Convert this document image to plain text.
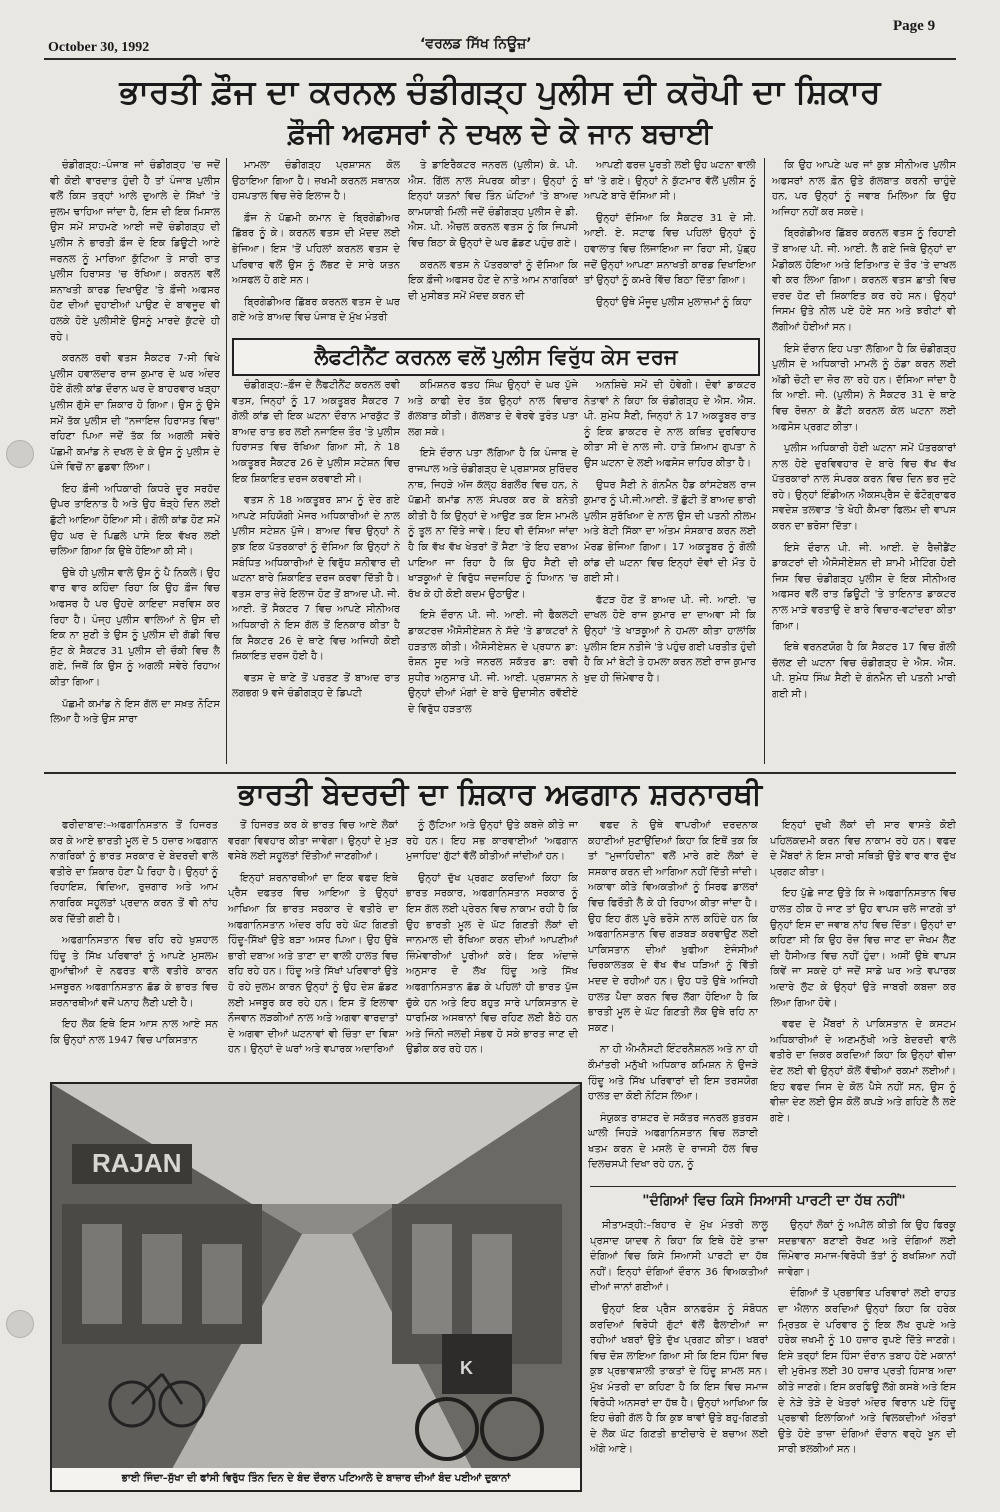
October 30, 1992	‘ਵਰਲਡ ਸਿੱਖ ਨਿਊਜ਼’
Page 9
ਭਾਰਤੀ ਫ਼ੌਜ ਦਾ ਕਰਨਲ ਚੰਡੀਗੜ੍ਹ ਪੁਲੀਸ ਦੀ ਕਰੋਪੀ ਦਾ ਸ਼ਿਕਾਰ
ਫ਼ੌਜੀ ਅਫਸਰਾਂ ਨੇ ਦਖਲ ਦੇ ਕੇ ਜਾਨ ਬਚਾਈ

ਚੰਡੀਗੜ੍ਹ:–ਪੰਜਾਬ ਜਾਂ ਚੰਡੀਗੜ੍ਹ 'ਚ ਜਦੋਂ ਵੀ ਕੋਈ ਵਾਰਦਾਤ ਹੁੰਦੀ ਹੈ ਤਾਂ ਪੰਜਾਬ ਪੁਲੀਸ ਵਲੋਂ ਕਿਸ ਤਰ੍ਹਾਂ ਆਲੇ ਦੁਆਲੇ ਦੇ ਸਿੱਖਾਂ 'ਤੇ ਜ਼ੁਲਮ ਢਾਹਿਆ ਜਾਂਦਾ ਹੈ, ਇਸ ਦੀ ਇਕ ਮਿਸਾਲ ਉਸ ਸਮੇਂ ਸਾਹਮਣੇ ਆਈ ਜਦੋਂ ਚੰਡੀਗੜ੍ਹ ਦੀ ਪੁਲੀਸ ਨੇ ਭਾਰਤੀ ਫ਼ੌਜ ਦੇ ਇਕ ਡਿਊਟੀ ਆਏ ਜਰਨਲ ਨੂੰ ਮਾਰਿਆ ਕੁੱਟਿਆ ਤੇ ਸਾਰੀ ਰਾਤ ਪੁਲੀਸ ਹਿਰਾਸਤ 'ਚ ਰੱਖਿਆ। ਕਰਨਲ ਵਲੋਂ ਸ਼ਨਾਖਤੀ ਕਾਰਡ ਦਿਖਾਉਣ 'ਤੇ ਫ਼ੌਜੀ ਅਫਸਰ ਹੋਣ ਦੀਆਂ ਦੁਹਾਈਆਂ ਪਾਉਣ ਦੇ ਬਾਵਜੂਦ ਵੀ ਹਲਕੇ ਹੋਏ ਪੁਲੀਸੀਏ ਉਸਨੂੰ ਮਾਰਦੇ ਕੁੱਟਦੇ ਹੀ ਰਹੇ।

ਕਰਨਲ ਰਵੀ ਵਤਸ ਸੈਕਟਰ 7-ਸੀ ਵਿਖੇ ਪੁਲੀਸ ਹਵਾਲਦਾਰ ਰਾਜ ਕੁਮਾਰ ਦੇ ਘਰ ਅੰਦਰ ਹੋਏ ਗੋਲੀ ਕਾਂਡ ਦੌਰਾਨ ਘਰ ਦੇ ਬਾਹਰਵਾਰ ਖੜ੍ਹਾ ਪੁਲੀਸ ਗੁੱਸੇ ਦਾ ਸ਼ਿਕਾਰ ਹੋ ਗਿਆ। ਉਸ ਨੂੰ ਉਸੇ ਸਮੇਂ ਤੱਕ ਪੁਲੀਸ ਦੀ "ਨਜਾਇਜ਼ ਹਿਰਾਸਤ ਵਿਚ" ਰਹਿਣਾ ਪਿਆ ਜਦੋਂ ਤੱਕ ਕਿ ਅਗਲੀ ਸਵੇਰੇ ਪੱਛਮੀ ਕਮਾਂਡ ਨੇ ਦਖਲ ਦੇ ਕੇ ਉਸ ਨੂੰ ਪੁਲੀਸ ਦੇ ਪੰਜੇ ਵਿਚੋਂ ਨਾ ਛੁਡਵਾ ਲਿਆ।

ਇਹ ਫ਼ੌਜੀ ਅਧਿਕਾਰੀ ਕਿਧਰੇ ਦੂਰ ਸਰਹੱਦ ਉਪਰ ਤਾਇਨਾਤ ਹੈ ਅਤੇ ਉਹ ਥੋੜ੍ਹੇ ਦਿਨ ਲਈ ਛੁੱਟੀ ਆਇਆ ਹੋਇਆ ਸੀ। ਗੋਲੀ ਕਾਂਡ ਹੋਣ ਸਮੇਂ ਉਹ ਘਰ ਦੇ ਪਿਛਲੇ ਪਾਸੇ ਇਕ ਵੱਖਰ ਲਈ ਚਲਿਆ ਗਿਆ ਕਿ ਉਥੇ ਹੋਇਆ ਕੀ ਸੀ।

ਉਥੇ ਹੀ ਪੁਲੀਸ ਵਾਲੇ ਉਸ ਨੂੰ ਪੈ ਨਿਕਲੇ। ਉਹ ਵਾਰ ਵਾਰ ਕਹਿੰਦਾ ਰਿਹਾ ਕਿ ਉਹ ਫ਼ੌਜ ਵਿਚ ਅਫਸਰ ਹੈ ਪਰ ਉਹਦੇ ਕਾਇਦਾ ਸਰਵਿਸ ਕਰ ਰਿਹਾ ਹੈ। ਪੰਜ੍ਹ ਪੁਲੀਸ ਵਾਲਿਆਂ ਨੇ ਉਸ ਦੀ ਇਕ ਨਾ ਸੁਣੀ ਤੇ ਉਸ ਨੂੰ ਪੁਲੀਸ ਦੀ ਗੱਡੀ ਵਿਚ ਸੁੱਟ ਕੇ ਸੈਕਟਰ 31 ਪੁਲੀਸ ਦੀ ਚੌਕੀ ਵਿਚ ਲੈ ਗਏ, ਜਿਥੋਂ ਕਿ ਉਸ ਨੂੰ ਅਗਲੀ ਸਵੇਰੇ ਰਿਹਾਅ ਕੀਤਾ ਗਿਆ।

ਪੱਛਮੀ ਕਮਾਂਡ ਨੇ ਇਸ ਗੱਲ ਦਾ ਸਖ਼ਤ ਨੋਟਿਸ ਲਿਆ ਹੈ ਅਤੇ ਉਸ ਸਾਰਾ

ਮਾਮਲਾ ਚੰਡੀਗੜ੍ਹ ਪ੍ਰਸ਼ਾਸਨ ਕੋਲ ਉਠਾਇਆ ਗਿਆ ਹੈ। ਜ਼ਖਮੀ ਕਰਨਲ ਸਥਾਨਕ ਹਸਪਤਾਲ ਵਿਚ ਜ਼ੇਰੇ ਇਲਾਜ ਹੈ।

ਫ਼ੌਜ ਨੇ ਪੱਛਮੀ ਕਮਾਨ ਦੇ ਬ੍ਰਿਗੇਡੀਅਰ ਛਿੱਬਰ ਨੂੰ ਕੇ। ਕਰਨਲ ਵਤਸ ਦੀ ਮੱਦਦ ਲਈ ਭੇਜਿਆ। ਇਸ 'ਤੋਂ ਪਹਿਲਾਂ ਕਰਨਲ ਵਤਸ ਦੇ ਪਰਿਵਾਰ ਵਲੋਂ ਉਸ ਨੂੰ ਲੱਭਣ ਦੇ ਸਾਰੇ ਯਤਨ ਅਸਫਲ ਹੋ ਗਏ ਸਨ।

ਬ੍ਰਿਗੇਡੀਅਰ ਛਿੱਬਰ ਕਰਨਲ ਵਤਸ ਦੇ ਘਰ ਗਏ ਅਤੇ ਬਾਅਦ ਵਿਚ ਪੰਜਾਬ ਦੇ ਮੁੱਖ ਮੰਤਰੀ

ਤੇ ਡਾਇਰੈਕਟਰ ਜਨਰਲ (ਪੁਲੀਸ) ਕੇ. ਪੀ. ਐਸ. ਗਿੱਲ ਨਾਲ ਸੰਪਰਕ ਕੀਤਾ। ਉਨ੍ਹਾਂ ਨੂੰ ਇਨ੍ਹਾਂ ਯਤਨਾਂ ਵਿਚ ਤਿੰਨ ਘੰਟਿਆਂ 'ਤੇ ਬਾਅਦ ਕਾਮਯਾਬੀ ਮਿਲੀ ਜਦੋਂ ਚੰਡੀਗੜ੍ਹ ਪੁਲੀਸ ਦੇ ਡੀ. ਐਸ. ਪੀ. ਐਚਲ ਕਰਨਲ ਵਤਸ ਨੂੰ ਕਿ ਜਿਪਸੀ ਵਿਚ ਬਿਠਾ ਕੇ ਉਨ੍ਹਾਂ ਦੇ ਘਰ ਛੱਡਣ ਪਹੁੰਚ ਗਏ।

ਕਰਨਲ ਵਤਸ ਨੇ ਪੱਤਰਕਾਰਾਂ ਨੂੰ ਦੱਸਿਆ ਕਿ ਇਕ ਫ਼ੌਜੀ ਅਫਸਰ ਹੋਣ ਦੇ ਨਾਤੇ ਆਮ ਨਾਗਰਿਕਾਂ ਦੀ ਮੁਸੀਬਤ ਸਮੇਂ ਮੱਦਦ ਕਰਨ ਦੀ

ਆਪਣੀ ਫਰਜ਼ ਪੂਰਤੀ ਲਈ ਉਹ ਘਟਨਾ ਵਾਲੀ ਥਾਂ 'ਤੇ ਗਏ। ਉਨ੍ਹਾਂ ਨੇ ਕੁੱਟਮਾਰ ਵੱਲੋਂ ਪੁਲੀਸ ਨੂੰ ਆਪਣੇ ਬਾਰੇ ਦੱਸਿਆ ਸੀ।

ਉਨ੍ਹਾਂ ਦੱਸਿਆ ਕਿ ਸੈਕਟਰ 31 ਦੇ ਸੀ. ਆਈ. ਏ. ਸਟਾਫ ਵਿਚ ਪਹਿਲਾਂ ਉਨ੍ਹਾਂ ਨੂੰ ਹਵਾਲਾਤ ਵਿਚ ਲਿਜਾਇਆ ਜਾ ਰਿਹਾ ਸੀ, ਪੁੱਛ੍ਹ ਜਦੋਂ ਉਨ੍ਹਾਂ ਆਪਣਾ ਸ਼ਨਾਖਤੀ ਕਾਰਡ ਦਿਖਾਇਆ ਤਾਂ ਉਨ੍ਹਾਂ ਨੂੰ ਕਮਰੇ ਵਿੱਚ ਬਿਠਾ ਦਿੱਤਾ ਗਿਆ।

ਉਨ੍ਹਾਂ ਉਥੇ ਮੌਜੂਦ ਪੁਲੀਸ ਮੁਲਾਜ਼ਮਾਂ ਨੂੰ ਕਿਹਾ

ਕਿ ਉਹ ਆਪਣੇ ਘਰ ਜਾਂ ਕੁਝ ਸੀਨੀਅਰ ਪੁਲੀਸ ਅਫਸਰਾਂ ਨਾਲ ਫ਼ੋਨ ਉਤੇ ਗੱਲਬਾਤ ਕਰਨੀ ਚਾਹੁੰਦੇ ਹਨ, ਪਰ ਉਨ੍ਹਾਂ ਨੂੰ ਜਵਾਬ ਮਿਲਿਆ ਕਿ ਉਹ ਅਜਿਹਾ ਨਹੀਂ ਕਰ ਸਕਦੇ।

ਬ੍ਰਿਗੇਡੀਅਰ ਛਿੱਬਰ ਕਰਨਲ ਵਤਸ ਨੂੰ ਰਿਹਾਈ ਤੋਂ ਬਾਅਦ ਪੀ. ਜੀ. ਆਈ. ਲੈ ਗਏ ਜਿਥੇ ਉਨ੍ਹਾਂ ਦਾ ਮੈਡੀਕਲ ਹੋਇਆ ਅਤੇ ਇਤਿਆਤ ਦੇ ਤੌਰ 'ਤੇ ਦਾਖਲ ਵੀ ਕਰ ਲਿਆ ਗਿਆ। ਕਰਨਲ ਵਤਸ ਛਾਤੀ ਵਿਚ ਦਰਦ ਹੋਣ ਦੀ ਸ਼ਿਕਾਇਤ ਕਰ ਰਹੇ ਸਨ। ਉਨ੍ਹਾਂ ਜਿਸਮ ਉਤੇ ਨੀਲ ਪਏ ਹੋਏ ਸਨ ਅਤੇ ਝਰੀਟਾਂ ਵੀ ਲੱਗੀਆਂ ਹੋਈਆਂ ਸਨ।

ਇਸੇ ਦੌਰਾਨ ਇਹ ਪਤਾ ਲੱਗਿਆ ਹੈ ਕਿ ਚੰਡੀਗੜ੍ਹ ਪੁਲੀਸ ਦੇ ਅਧਿਕਾਰੀ ਮਾਮਲੇ ਨੂੰ ਠੰਡਾ ਕਰਨ ਲਈ ਅੱਡੀ ਚੋਟੀ ਦਾ ਜ਼ੋਰ ਲਾ ਰਹੇ ਹਨ। ਦੱਸਿਆ ਜਾਂਦਾ ਹੈ ਕਿ ਆਈ. ਜੀ. (ਪੁਲੀਸ) ਨੇ ਸੈਕਟਰ 31 ਦੇ ਥਾਣੇ ਵਿਚ ਰੋਜ਼ਨਾ ਕੇ ਡੈਂਟੀ ਕਰਨਲ ਕੋਲ ਘਟਨਾ ਲਈ ਅਫਸੋਸ ਪ੍ਰਗਟ ਕੀਤਾ।

ਪੁਲੀਸ ਅਧਿਕਾਰੀ ਹੋਈ ਘਟਨਾ ਸਮੇਂ ਪੱਤਰਕਾਰਾਂ ਨਾਲ ਹੋਏ ਦੁਰਵਿਵਹਾਰ ਦੇ ਬਾਰੇ ਵਿਚ ਵੱਖ ਵੱਖ ਪੱਤਰਕਾਰਾਂ ਨਾਲ ਸੰਪਰਕ ਕਰਨ ਵਿਚ ਦਿਨ ਭਰ ਜੁਟੇ ਰਹੇ। ਉਨ੍ਹਾਂ ਇੰਡੀਅਨ ਐਕਸਪ੍ਰੈਸ ਦੇ ਫੋਟੋਗ੍ਰਾਫਰ ਸਵਦੇਸ਼ ਤਲਵਾੜ 'ਤੇ ਖੋਹੀ ਕੈਮਰਾ ਫਿਲਮ ਦੀ ਵਾਪਸ ਕਰਨ ਦਾ ਭਰੋਸਾ ਦਿੱਤਾ।

ਇਸੇ ਦੌਰਾਨ ਪੀ. ਜੀ. ਆਈ. ਦੇ ਰੈਜ਼ੀਡੈਂਟ ਡਾਕਟਰਾਂ ਦੀ ਐਸੋਸੀਏਸ਼ਨ ਦੀ ਸ਼ਾਮੀ ਮੀਟਿੰਗ ਹੋਈ ਜਿਸ ਵਿਚ ਚੰਡੀਗੜ੍ਹ ਪੁਲੀਸ ਦੇ ਇਕ ਸੀਨੀਅਰ ਅਫਸਰ ਵਲੋਂ ਰਾਤ ਡਿਊਟੀ 'ਤੇ ਤਾਇਨਾਤ ਡਾਕਟਰ ਨਾਲ ਮਾੜੇ ਵਰਤਾਉ ਦੇ ਬਾਰੇ ਵਿਚਾਰ-ਵਟਾਂਦਰਾ ਕੀਤਾ ਗਿਆ।

ਇਥੇ ਵਰਨਣਯੋਗ ਹੈ ਕਿ ਸੈਕਟਰ 17 ਵਿਚ ਗੋਲੀ ਚੱਲਣ ਦੀ ਘਟਨਾ ਵਿਚ ਚੰਡੀਗੜ੍ਹ ਦੇ ਐਸ. ਐਸ. ਪੀ. ਸੁਮੇਧ ਸਿੰਘ ਸੈਣੀ ਦੇ ਗੰਨਮੈਨ ਦੀ ਪਤਨੀ ਮਾਰੀ ਗਈ ਸੀ।

ਲੈਫਟੀਨੈਂਟ ਕਰਨਲ ਵਲੋਂ ਪੁਲੀਸ ਵਿਰੁੱਧ ਕੇਸ ਦਰਜ

ਚੰਡੀਗੜ੍ਹ:–ਫ਼ੌਜ ਦੇ ਲੈਫਟੀਨੈਂਟ ਕਰਨਲ ਰਵੀ ਵਤਸ, ਜਿਨ੍ਹਾਂ ਨੂੰ 17 ਅਕਤੂਬਰ ਸੈਕਟਰ 7 ਗੋਲੀ ਕਾਂਡ ਦੀ ਇਕ ਘਟਨਾ ਦੌਰਾਨ ਮਾਰਕੁੱਟ ਤੋਂ ਬਾਅਦ ਰਾਤ ਭਰ ਲਈ ਨਜਾਇਜ਼ ਤੌਰ 'ਤੇ ਪੁਲੀਸ ਹਿਰਾਸਤ ਵਿਚ ਰੱਖਿਆ ਗਿਆ ਸੀ, ਨੇ 18 ਅਕਤੂਬਰ ਸੈਕਟਰ 26 ਦੇ ਪੁਲੀਸ ਸਟੇਸ਼ਨ ਵਿਚ ਇਕ ਸ਼ਿਕਾਇਤ ਦਰਜ ਕਰਵਾਈ ਸੀ।

ਵਤਸ ਨੇ 18 ਅਕਤੂਬਰ ਸ਼ਾਮ ਨੂੰ ਦੇਰ ਗਏ ਆਪਣੇ ਸਹਿਯੋਗੀ ਮੇਜਰ ਅਧਿਕਾਰੀਆਂ ਦੇ ਨਾਲ ਪੁਲੀਸ ਸਟੇਸ਼ਨ ਪੁੱਜੇ। ਬਾਅਦ ਵਿਚ ਉਨ੍ਹਾਂ ਨੇ ਕੁਝ ਇਕ ਪੱਤਰਕਾਰਾਂ ਨੂੰ ਦੱਸਿਆ ਕਿ ਉਨ੍ਹਾਂ ਨੇ ਸਬੰਧਿਤ ਅਧਿਕਾਰੀਆਂ ਦੇ ਵਿਰੁੱਧ ਸ਼ਨੀਵਾਰ ਦੀ ਘਟਨਾ ਬਾਰੇ ਸ਼ਿਕਾਇਤ ਦਰਜ ਕਰਵਾ ਦਿੱਤੀ ਹੈ। ਵਤਸ ਰਾਤ ਜ਼ੇਰੇ ਇਲਾਜ ਹੋਣ ਤੋਂ ਬਾਅਦ ਪੀ. ਜੀ. ਆਈ. ਤੋਂ ਸੈਕਟਰ 7 ਵਿਚ ਆਪਣੇ ਸੀਨੀਅਰ ਅਧਿਕਾਰੀ ਨੇ ਇਸ ਗੱਲ ਤੋਂ ਇਨਕਾਰ ਕੀਤਾ ਹੈ ਕਿ ਸੈਕਟਰ 26 ਦੇ ਥਾਣੇ ਵਿਚ ਅਜਿਹੀ ਕੋਈ ਸ਼ਿਕਾਇਤ ਦਰਜ ਹੋਈ ਹੈ।

ਵਤਸ ਦੇ ਥਾਣੇ ਤੋਂ ਪਰਤਣ ਤੋਂ ਬਾਅਦ ਰਾਤ ਲਗਭਗ 9 ਵਜੇ ਚੰਡੀਗੜ੍ਹ ਦੇ ਡਿਪਟੀ

ਕਮਿਸ਼ਨਰ ਫਤਹ ਸਿੰਘ ਉਨ੍ਹਾਂ ਦੇ ਘਰ ਪੁੱਜੇ ਅਤੇ ਕਾਫੀ ਦੇਰ ਤੱਕ ਉਨ੍ਹਾਂ ਨਾਲ ਵਿਚਾਰ ਗੱਲਬਾਤ ਕੀਤੀ। ਗੱਲਬਾਤ ਦੇ ਵੇਰਵੇ ਤੁਰੰਤ ਪਤਾ ਲਗ ਸਕੇ।

ਇਸੇ ਦੌਰਾਨ ਪਤਾ ਲੱਗਿਆ ਹੈ ਕਿ ਪੰਜਾਬ ਦੇ ਰਾਜਪਾਲ ਅਤੇ ਚੰਡੀਗੜ੍ਹ ਦੇ ਪ੍ਰਸ਼ਾਸਕ ਸੁਰਿੰਦਰ ਨਾਥ, ਜਿਹੜੇ ਅੱਜ ਕੱਲ੍ਹ ਬੰਗਲੌਰ ਵਿਚ ਹਨ, ਨੇ ਪੱਛਮੀ ਕਮਾਂਡ ਨਾਲ ਸੰਪਰਕ ਕਰ ਕੇ ਬਨੇਤੀ ਕੀਤੀ ਹੈ ਕਿ ਉਨ੍ਹਾਂ ਦੇ ਆਉਣ ਤਕ ਇਸ ਮਾਮਲੇ ਨੂੰ ਤੂਲ ਨਾ ਦਿੱਤੇ ਜਾਵੇ। ਇਹ ਵੀ ਦੱਸਿਆ ਜਾਂਦਾ ਹੈ ਕਿ ਵੱਖ ਵੱਖ ਖੇਤਰਾਂ ਤੋਂ ਸੈਣਾ 'ਤੇ ਇਹ ਦਬਾਅ ਪਾਇਆ ਜਾ ਰਿਹਾ ਹੈ ਕਿ ਉਹ ਸੈਣੀ ਦੀ ਖਾੜਕੂਆਂ ਦੇ ਵਿਰੁੱਧ ਜਦਜਹਿਦ ਨੂੰ ਧਿਆਨ 'ਚ ਰੱਖ ਕੇ ਹੀ ਕੋਈ ਕਦਮ ਉਠਾਉਣ।

ਇਸੇ ਦੌਰਾਨ ਪੀ. ਜੀ. ਆਈ. ਜੀ ਫੈਕਲਟੀ ਡਾਕਟਰਜ਼ ਐਸੋਸੀਏਸ਼ਨ ਨੇ ਸੱਦੇ 'ਤੇ ਡਾਕਟਰਾਂ ਨੇ ਹੜਤਾਲ ਕੀਤੀ। ਐਸੋਸੀਏਸ਼ਨ ਦੇ ਪ੍ਰਧਾਨ ਡਾ: ਰੋਸ਼ਨ ਸੂਦ ਅਤੇ ਜਨਰਲ ਸਕੱਤਰ ਡਾ: ਰਵੀ ਸੁਧੀਰ ਅਨੁਸਾਰ ਪੀ. ਜੀ. ਆਈ. ਪ੍ਰਸ਼ਾਸਨ ਨੇ ਉਨ੍ਹਾਂ ਦੀਆਂ ਮੰਗਾਂ ਦੇ ਬਾਰੇ ਉਦਾਸੀਨ ਰਵੱਈਏ ਦੇ ਵਿਰੁੱਧ ਹੜਤਾਲ

ਅਨਸ਼ਿਚੇ ਸਮੇਂ ਦੀ ਹੋਵੇਗੀ। ਦੋਵਾਂ ਡਾਕਟਰ ਨੇਤਾਵਾਂ ਨੇ ਕਿਹਾ ਕਿ ਚੰਡੀਗੜ੍ਹ ਦੇ ਐਸ. ਐਸ. ਪੀ. ਸੁਮੇਧ ਸੈਣੀ, ਜਿਨ੍ਹਾਂ ਨੇ 17 ਅਕਤੂਬਰ ਰਾਤ ਨੂੰ ਇਕ ਡਾਕਟਰ ਦੇ ਨਾਲ ਕਥਿਤ ਦੁਰਵਿਹਾਰ ਕੀਤਾ ਸੀ ਦੇ ਨਾਲ ਜੀ. ਹਾਤੇ ਸ਼ਿਆਮ ਗੁਪਤਾ ਨੇ ਉਸ ਘਟਨਾ ਦੇ ਲਈ ਅਫਸੋਸ ਜ਼ਾਹਿਰ ਕੀਤਾ ਹੈ।

ਉਧਰ ਸੈਣੀ ਨੇ ਗੰਨਮੈਨ ਹੈਡ ਕਾਂਸਟੇਬਲ ਰਾਜ ਕੁਮਾਰ ਨੂੰ ਪੀ.ਜੀ.ਆਈ. ਤੋਂ ਛੁੱਟੀ ਤੋਂ ਬਾਅਦ ਭਾਰੀ ਪੁਲੀਸ ਸੁਰੱਖਿਆ ਦੇ ਨਾਲ ਉਸ ਦੀ ਪਤਨੀ ਨੀਲਮ ਅਤੇ ਬੇਟੀ ਸਿੱਕਾ ਦਾ ਅੰਤਮ ਸੰਸਕਾਰ ਕਰਨ ਲਈ ਮੋਰਡ ਭੇਜਿਆ ਗਿਆ। 17 ਅਕਤੂਬਰ ਨੂੰ ਗੋਲੀ ਕਾਂਡ ਦੀ ਘਟਨਾ ਵਿਚ ਇਨ੍ਹਾਂ ਦੋਵਾਂ ਦੀ ਮੌਤ ਹੋ ਗਈ ਸੀ।

ਫੱਟੜ ਹੋਣ ਤੋਂ ਬਾਅਦ ਪੀ. ਜੀ. ਆਈ. 'ਚ ਦਾਖਲ ਹੋਏ ਰਾਜ ਕੁਮਾਰ ਦਾ ਦਾਅਵਾ ਸੀ ਕਿ ਉਨ੍ਹਾਂ 'ਤੇ ਖਾੜਕੂਆਂ ਨੇ ਹਮਲਾ ਕੀਤਾ ਹਾਲਾਂਕਿ ਪੁਲੀਸ ਇਸ ਨਤੀਜੇ 'ਤੇ ਪਹੁੰਚ ਗਈ ਪਰਤੀਤ ਹੁੰਦੀ ਹੈ ਕਿ ਮਾਂ ਬੇਟੀ ਤੇ ਹਮਲਾ ਕਰਨ ਲਈ ਰਾਜ ਕੁਮਾਰ ਖੁਦ ਹੀ ਜ਼ਿੰਮੇਵਾਰ ਹੈ।

ਭਾਰਤੀ ਬੇਦਰਦੀ ਦਾ ਸ਼ਿਕਾਰ ਅਫਗਾਨ ਸ਼ਰਨਾਰਥੀ

ਫਰੀਦਾਬਾਦ:–ਅਫਗਾਨਿਸਤਾਨ ਤੋਂ ਹਿਜਰਤ ਕਰ ਕੇ ਆਏ ਭਾਰਤੀ ਮੂਲ ਦੇ 5 ਹਜ਼ਾਰ ਅਫਗਾਨ ਨਾਗਰਿਕਾਂ ਨੂੰ ਭਾਰਤ ਸਰਕਾਰ ਦੇ ਬੇਦਰਦੀ ਵਾਲੇ ਵਤੀਰੇ ਦਾ ਸ਼ਿਕਾਰ ਹੋਣਾ ਪੈ ਰਿਹਾ ਹੈ। ਉਨ੍ਹਾਂ ਨੂੰ ਰਿਹਾਇਸ਼, ਵਿਦਿਆ, ਰੁਜ਼ਗਾਰ ਅਤੇ ਆਮ ਨਾਗਰਿਕ ਸਹੂਲਤਾਂ ਪ੍ਰਦਾਨ ਕਰਨ ਤੋਂ ਵੀ ਨਾਂਹ ਕਰ ਦਿੱਤੀ ਗਈ ਹੈ।

ਅਫਗਾਨਿਸਤਾਨ ਵਿਚ ਰਹਿ ਰਹੇ ਖੁਸ਼ਹਾਲ ਹਿੰਦੂ ਤੇ ਸਿੱਖ ਪਰਿਵਾਰਾਂ ਨੂੰ ਆਪਣੇ ਮੁਸਲਮ ਗੁਆਂਢੀਆਂ ਦੇ ਨਫਰਤ ਵਾਲੇ ਵਤੀਰੇ ਕਾਰਨ ਮਜਬੂਰਨ ਅਫਗਾਨਿਸਤਾਨ ਛੱਡ ਕੇ ਭਾਰਤ ਵਿਚ ਸ਼ਰਨਾਰਥੀਆਂ ਵਜੋਂ ਪਨਾਹ ਲੈਣੀ ਪਈ ਹੈ।

ਇਹ ਲੋਕ ਇਥੇ ਇਸ ਆਸ ਨਾਲ ਆਏ ਸਨ ਕਿ ਉਨ੍ਹਾਂ ਨਾਲ 1947 ਵਿਚ ਪਾਕਿਸਤਾਨ

ਤੋਂ ਹਿਜਰਤ ਕਰ ਕੇ ਭਾਰਤ ਵਿਚ ਆਏ ਲੋਕਾਂ ਵਰਗਾ ਵਿਵਹਾਰ ਕੀਤਾ ਜਾਵੇਗਾ। ਉਨ੍ਹਾਂ ਦੇ ਮੁੜ ਵਸੇਬੇ ਲਈ ਸਹੂਲਤਾਂ ਦਿੱਤੀਆਂ ਜਾਣਗੀਆਂ।

ਇਨ੍ਹਾਂ ਸ਼ਰਨਾਰਥੀਆਂ ਦਾ ਇਕ ਵਫਦ ਇਥੇ ਪ੍ਰੈਸ ਦਫਤਰ ਵਿਚ ਆਇਆ ਤੇ ਉਨ੍ਹਾਂ ਆਖਿਆ ਕਿ ਭਾਰਤ ਸਰਕਾਰ ਦੇ ਵਤੀਰੇ ਦਾ ਅਫਗਾਨਿਸਤਾਨ ਅੰਦਰ ਰਹਿ ਰਹੇ ਘੱਟ ਗਿਣਤੀ ਹਿੰਦੂ-ਸਿੱਖਾਂ ਉਤੇ ਬੜਾ ਅਸਰ ਪਿਆ। ਉਹ ਉਥੇ ਭਾਰੀ ਦਬਾਅ ਅਤੇ ਤਾਣਾ ਦਾ ਵਾਲੀ ਹਾਲਤ ਵਿਚ ਰਹਿ ਰਹੇ ਹਨ। ਹਿੰਦੂ ਅਤੇ ਸਿੱਖਾਂ ਪਰਿਵਾਰਾਂ ਉਤੇ ਹੋ ਰਹੇ ਜ਼ੁਲਮ ਕਾਰਨ ਉਨ੍ਹਾਂ ਨੂੰ ਉਹ ਦੇਸ਼ ਛੱਡਣ ਲਈ ਮਜਬੂਰ ਕਰ ਰਹੇ ਹਨ। ਇਸ ਤੋਂ ਇਲਾਵਾ ਨੌਜਵਾਨ ਲੜਕੀਆਂ ਨਾਲ ਅਤੇ ਅਗਵਾ ਵਾਰਦਾਤਾਂ ਦੇ ਅਗਵਾ ਦੀਆਂ ਘਟਨਾਵਾਂ ਵੀ ਚਿੰਤਾ ਦਾ ਵਿਸ਼ਾ ਹਨ। ਉਨ੍ਹਾਂ ਦੇ ਘਰਾਂ ਅਤੇ ਵਪਾਰਕ ਅਦਾਰਿਆਂ

ਨੂੰ ਲੁੱਟਿਆ ਅਤੇ ਉਨ੍ਹਾਂ ਉਤੇ ਕਬਜ਼ੇ ਕੀਤੇ ਜਾ ਰਹੇ ਹਨ। ਇਹ ਸਭ ਕਾਰਵਾਈਆਂ 'ਅਫਗਾਨ ਮੁਜਾਹਿਦ' ਗੁੱਟਾਂ ਵੱਲੋਂ ਕੀਤੀਆਂ ਜਾਂਦੀਆਂ ਹਨ।

ਉਨ੍ਹਾਂ ਦੁੱਖ ਪ੍ਰਗਟ ਕਰਦਿਆਂ ਕਿਹਾ ਕਿ ਭਾਰਤ ਸਰਕਾਰ, ਅਫਗਾਨਿਸਤਾਨ ਸਰਕਾਰ ਨੂੰ ਇਸ ਗੱਲ ਲਈ ਪ੍ਰੇਰਨ ਵਿਚ ਨਾਕਾਮ ਰਹੀ ਹੈ ਕਿ ਉਹ ਭਾਰਤੀ ਮੂਲ ਦੇ ਘੱਟ ਗਿਣਤੀ ਲੋਕਾਂ ਦੀ ਜਾਨਮਾਲ ਦੀ ਰੱਖਿਆ ਕਰਨ ਦੀਆਂ ਆਪਣੀਆਂ ਜ਼ਿੰਮੇਵਾਰੀਆਂ ਪੂਰੀਆਂ ਕਰੇ। ਇਕ ਅੰਦਾਜ਼ੇ ਅਨੁਸਾਰ ਦੋ ਲੱਖ ਹਿੰਦੂ ਅਤੇ ਸਿੱਖ ਅਫਗਾਨਿਸਤਾਨ ਛੱਡ ਕੇ ਪਹਿਲਾਂ ਹੀ ਭਾਰਤ ਪੁੱਜ ਚੁੱਕੇ ਹਨ ਅਤੇ ਇਹ ਬਹੁਤ ਸਾਰੇ ਪਾਕਿਸਤਾਨ ਦੇ ਧਾਰਮਿਕ ਅਸਥਾਨਾਂ ਵਿਚ ਰਹਿਣ ਲਈ ਬੈਠੇ ਹਨ ਅਤੇ ਜਿੰਨੀ ਜਲਦੀ ਸੰਭਵ ਹੋ ਸਕੇ ਭਾਰਤ ਜਾਣ ਦੀ ਉਡੀਕ ਕਰ ਰਹੇ ਹਨ।

ਵਫਦ ਨੇ ਉਥੇ ਵਾਪਰੀਆਂ ਦਰਦਨਾਕ ਕਹਾਣੀਆਂ ਸੁਣਾਉਂਦਿਆਂ ਕਿਹਾ ਕਿ ਇਥੋਂ ਤਕ ਕਿ ਤਾਂ "ਮੁਜਾਹਿਦੀਨ" ਵਲੋਂ ਮਾਰੇ ਗਏ ਲੋਕਾਂ ਦੇ ਸਸਕਾਰ ਕਰਨ ਦੀ ਆਗਿਆ ਨਹੀਂ ਦਿੱਤੀ ਜਾਂਦੀ। ਅਕਾਵਾ ਕੀਤੇ ਵਿਅਕਤੀਆਂ ਨੂੰ ਸਿਰਫ ਡਾਲਰਾਂ ਵਿਚ ਫਿਰੌਤੀ ਲੈ ਕੇ ਹੀ ਰਿਹਾਅ ਕੀਤਾ ਜਾਂਦਾ ਹੈ। ਉਹ ਇਹ ਗੱਲ ਪੂਰੇ ਭਰੋਸੇ ਨਾਲ ਕਹਿੰਦੇ ਹਨ ਕਿ ਅਫਗਾਨਿਸਤਾਨ ਵਿਚ ਗੜਬੜ ਕਰਵਾਉਣ ਲਈ ਪਾਕਿਸਤਾਨ ਦੀਆਂ ਖੁਫੀਆ ਏਜੰਸੀਆਂ ਚਿਰਕਾਲਤਕ ਦੇ ਵੱਖ ਵੱਖ ਧੜਿਆਂ ਨੂੰ ਵਿੱਤੀ ਮਦਦ ਦੇ ਰਹੀਆਂ ਹਨ। ਉਹ ਧਤੋ ਉਥੇ ਅਜਿਹੀ ਹਾਲਤ ਪੈਦਾ ਕਰਨ ਵਿਚ ਲੱਗਾ ਹੋਇਆ ਹੈ ਕਿ ਭਾਰਤੀ ਮੂਲ ਦੇ ਘੱਟ ਗਿਣਤੀ ਲੋਕ ਉਥੇ ਰਹਿ ਨਾ ਸਕਣ।

ਨਾ ਹੀ ਐਮਨੈਸਟੀ ਇੰਟਰਨੈਸ਼ਨਲ ਅਤੇ ਨਾ ਹੀ ਕੌਮਾਂਤਰੀ ਮਨੁੱਖੀ ਅਧਿਕਾਰ ਕਮਿਸ਼ਨ ਨੇ ਉਜੜੇ ਹਿੰਦੂ ਅਤੇ ਸਿੱਖ ਪਰਿਵਾਰਾਂ ਦੀ ਇਸ ਤਰਸਯੋਗ ਹਾਲਤ ਦਾ ਕੋਈ ਨੋਟਿਸ ਲਿਆ।

ਸੰਯੁਕਤ ਰਾਸ਼ਟਰ ਦੇ ਸਕੱਤਰ ਜਨਰਲ ਬੁਤਰਸ ਘਾਲੀ ਜਿਹੜੇ ਅਫਗਾਨਿਸਤਾਨ ਵਿਚ ਲੜਾਈ ਖਤਮ ਕਰਨ ਦੇ ਮਸਲੇ ਦੇ ਰਾਜਸੀ ਹੱਲ ਵਿਚ ਦਿਲਚਸਪੀ ਦਿਖਾ ਰਹੇ ਹਨ, ਨੂੰ

ਇਨ੍ਹਾਂ ਦੁਖੀ ਲੋਕਾਂ ਦੀ ਸਾਰ ਵਾਸਤੇ ਕੋਈ ਪਹਿਲਕਦਮੀ ਕਰਨ ਵਿਚ ਨਾਕਾਮ ਰਹੇ ਹਨ। ਵਫਦ ਦੇ ਮੈਂਬਰਾਂ ਨੇ ਇਸ ਸਾਰੀ ਸਥਿਤੀ ਉਤੇ ਵਾਰ ਵਾਰ ਦੁੱਖ ਪ੍ਰਗਟ ਕੀਤਾ।

ਇਹ ਪੁੱਛੇ ਜਾਣ ਉਤੇ ਕਿ ਜੇ ਅਫਗਾਨਿਸਤਾਨ ਵਿਚ ਹਾਲਤ ਠੀਕ ਹੋ ਜਾਣ ਤਾਂ ਉਹ ਵਾਪਸ ਚਲੇ ਜਾਣਗੇ ਤਾਂ ਉਨ੍ਹਾਂ ਇਸ ਦਾ ਜਵਾਬ ਨਾਂਹ ਵਿਚ ਦਿੱਤਾ। ਉਨ੍ਹਾਂ ਦਾ ਕਹਿਣਾ ਸੀ ਕਿ ਉਹ ਰੋਜ਼ ਵਿਚ ਜਾਣ ਦਾ ਜੋਖਮ ਲੈਣ ਦੀ ਹੈਸੀਅਤ ਵਿਚ ਨਹੀਂ ਹੁੰਦਾ। ਅਸੀਂ ਉਥੇ ਵਾਪਸ ਕਿਵੇਂ ਜਾ ਸਕਦੇ ਹਾਂ ਜਦੋਂ ਸਾਡੇ ਘਰ ਅਤੇ ਵਪਾਰਕ ਅਦਾਰੇ ਲੁੱਟ ਕੇ ਉਨ੍ਹਾਂ ਉਤੇ ਜਾਬਰੀ ਕਬਜ਼ਾ ਕਰ ਲਿਆ ਗਿਆ ਹੋਵੇ।

ਵਫਦ ਦੇ ਮੈਂਬਰਾਂ ਨੇ ਪਾਕਿਸਤਾਨ ਦੇ ਕਸਟਮ ਅਧਿਕਾਰੀਆਂ ਦੇ ਅਣਮਨੁੱਖੀ ਅਤੇ ਬੇਦਰਦੀ ਵਾਲੇ ਵਤੀਰੇ ਦਾ ਜ਼ਿਕਰ ਕਰਦਿਆਂ ਕਿਹਾ ਕਿ ਉਨ੍ਹਾਂ ਵੀਜ਼ਾ ਦੇਣ ਲਈ ਵੀ ਉਨ੍ਹਾਂ ਕੋਲੋਂ ਵੱਢੀਆਂ ਰਕਮਾਂ ਲਈਆਂ। ਇਹ ਵਫਦ ਜਿਸ ਦੇ ਕੋਲ ਪੈਸੇ ਨਹੀਂ ਸਨ, ਉਸ ਨੂੰ ਵੀਜ਼ਾ ਦੇਣ ਲਈ ਉਸ ਕੋਲੋਂ ਕਪੜੇ ਅਤੇ ਗਹਿਣੇ ਲੈ ਲਏ ਗਏ।

RAJAN
K
ਭਾਈ ਜਿੰਦਾ–ਸੁੱਖਾ ਦੀ ਫਾਂਸੀ ਵਿਰੁੱਧ ਤਿੰਨ ਦਿਨ ਦੇ ਬੰਦ ਦੌਰਾਨ ਪਟਿਆਲੇ ਦੇ ਬਾਜ਼ਾਰ ਦੀਆਂ ਬੰਦ ਪਈਆਂ ਦੁਕਾਨਾਂ
"ਦੰਗਿਆਂ ਵਿਚ ਕਿਸੇ ਸਿਆਸੀ ਪਾਰਟੀ ਦਾ ਹੱਥ ਨਹੀਂ"

ਸੀਤਾਮੜ੍ਹੀ:–ਬਿਹਾਰ ਦੇ ਮੁੱਖ ਮੰਤਰੀ ਲਾਲੂ ਪ੍ਰਸਾਦ ਯਾਦਵ ਨੇ ਕਿਹਾ ਕਿ ਇਥੇ ਹੋਏ ਤਾਜ਼ਾ ਦੰਗਿਆਂ ਵਿਚ ਕਿਸੇ ਸਿਆਸੀ ਪਾਰਟੀ ਦਾ ਹੱਥ ਨਹੀਂ। ਇਨ੍ਹਾਂ ਦੰਗਿਆਂ ਦੌਰਾਨ 36 ਵਿਅਕਤੀਆਂ ਦੀਆਂ ਜਾਨਾਂ ਗਈਆਂ।

ਉਨ੍ਹਾਂ ਇਕ ਪ੍ਰੈਸ ਕਾਨਫਰੰਸ ਨੂੰ ਸੰਬੋਧਨ ਕਰਦਿਆਂ ਵਿਰੋਧੀ ਗੁੱਟਾਂ ਵੱਲੋਂ ਫੈਲਾਈਆਂ ਜਾ ਰਹੀਆਂ ਖਬਰਾਂ ਉਤੇ ਦੁੱਖ ਪ੍ਰਗਟ ਕੀਤਾ। ਖਬਰਾਂ ਵਿਚ ਦੋਸ਼ ਲਾਇਆ ਗਿਆ ਸੀ ਕਿ ਇਸ ਹਿੰਸਾ ਵਿਚ ਕੁਝ ਪ੍ਰਭਾਵਸ਼ਾਲੀ ਤਾਕਤਾਂ ਦੇ ਹਿੰਦੂ ਸ਼ਾਮਲ ਸਨ। ਮੁੱਖ ਮੰਤਰੀ ਦਾ ਕਹਿਣਾ ਹੈ ਕਿ ਇਸ ਵਿਚ ਸਮਾਜ ਵਿਰੋਧੀ ਅਨਸਰਾਂ ਦਾ ਹੱਥ ਹੈ। ਉਨ੍ਹਾਂ ਆਖਿਆ ਕਿ ਇਹ ਚੰਗੀ ਗੱਲ ਹੈ ਕਿ ਕੁਝ ਥਾਵਾਂ ਉਤੇ ਬਹੁ-ਗਿਣਤੀ ਦੇ ਲੋਕ ਘੱਟ ਗਿਣਤੀ ਭਾਈਚਾਰੇ ਦੇ ਬਚਾਅ ਲਈ ਅੱਗੇ ਆਏ।

ਉਨ੍ਹਾਂ ਲੋਕਾਂ ਨੂੰ ਅਪੀਲ ਕੀਤੀ ਕਿ ਉਹ ਫਿਰਕੂ ਸਦਭਾਵਨਾ ਬਣਾਈ ਰੱਖਣ ਅਤੇ ਦੰਗਿਆਂ ਲਈ ਜ਼ਿੰਮੇਵਾਰ ਸਮਾਜ-ਵਿਰੋਧੀ ਤੱਤਾਂ ਨੂੰ ਬਖਸ਼ਿਆ ਨਹੀਂ ਜਾਵੇਗਾ।

ਦੰਗਿਆਂ ਤੋਂ ਪ੍ਰਭਾਵਿਤ ਪਰਿਵਾਰਾਂ ਲਈ ਰਾਹਤ ਦਾ ਐਲਾਨ ਕਰਦਿਆਂ ਉਨ੍ਹਾਂ ਕਿਹਾ ਕਿ ਹਰੇਕ ਮ੍ਰਿਤਕ ਦੇ ਪਰਿਵਾਰ ਨੂੰ ਇਕ ਲੱਖ ਰੁਪਏ ਅਤੇ ਹਰੇਕ ਜ਼ਖਮੀ ਨੂੰ 10 ਹਜ਼ਾਰ ਰੁਪਏ ਦਿੱਤੇ ਜਾਣਗੇ। ਇਸੇ ਤਰ੍ਹਾਂ ਇਸ ਹਿੰਸਾ ਦੌਰਾਨ ਤਬਾਹ ਹੋਏ ਮਕਾਨਾਂ ਦੀ ਮੁਰੰਮਤ ਲਈ 30 ਹਜ਼ਾਰ ਪ੍ਰਤੀ ਹਿਸਾਬ ਅਦਾ ਕੀਤੇ ਜਾਣਗੇ। ਇਸ ਕਰਫਿਊ ਲੱਗੇ ਕਸਬੇ ਅਤੇ ਇਸ ਦੇ ਨੇੜੇ ਤੇੜੇ ਦੇ ਖੇਤਰਾਂ ਅੰਦਰ ਵਿਰਾਨ ਪਏ ਹਿੰਦੂ ਪ੍ਰਭਾਵੀ ਇਲਾਕਿਆਂ ਅਤੇ ਵਿਲਕਦੀਆਂ ਔਰਤਾਂ ਉਤੇ ਹੋਏ ਤਾਜ਼ਾ ਦੰਗਿਆਂ ਦੌਰਾਨ ਵਰ੍ਹੇ ਖੂਨ ਦੀ ਸਾਰੀ ਝਲਕੀਆਂ ਸਨ।
